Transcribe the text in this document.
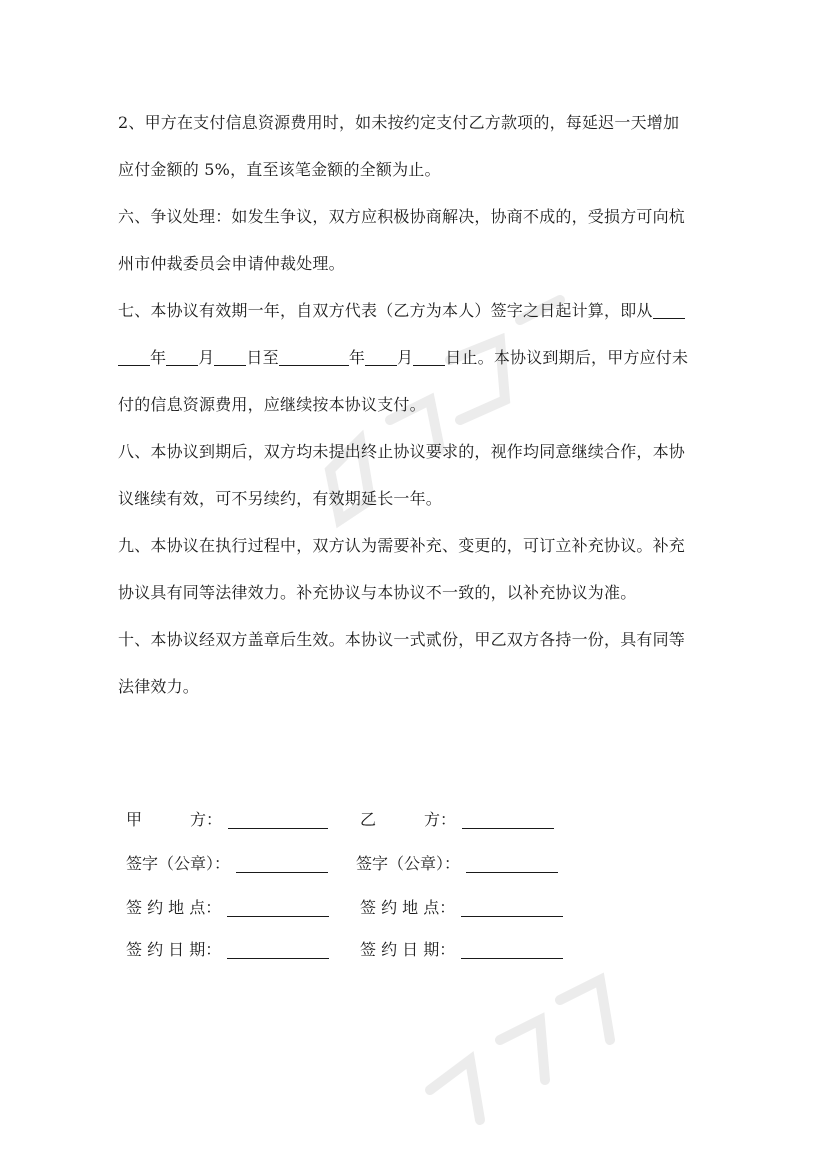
2、甲方在支付信息资源费用时，如未按约定支付乙方款项的，每延迟一天增加
应付金额的 5%，直至该笔金额的全额为止。
六、争议处理：如发生争议，双方应积极协商解决，协商不成的，受损方可向杭
州市仲裁委员会申请仲裁处理。
七、本协议有效期一年，自双方代表（乙方为本人）签字之日起计算，即从
年 月 日至	年 月 日止。本协议到期后，甲方应付未
付的信息资源费用，应继续按本协议支付。
八、本协议到期后，双方均未提出终止协议要求的，视作均同意继续合作，本协
议继续有效，可不另续约，有效期延长一年。
九、本协议在执行过程中，双方认为需要补充、变更的，可订立补充协议。补充
协议具有同等法律效力。补充协议与本协议不一致的，以补充协议为准。
十、本协议经双方盖章后生效。本协议一式贰份，甲乙双方各持一份，具有同等
法律效力。
甲　　　方：	乙　　　方：
签字（公章）：	签字（公章）：
签 约 地 点：	签 约 地 点：
签 约 日 期：	签 约 日 期：
